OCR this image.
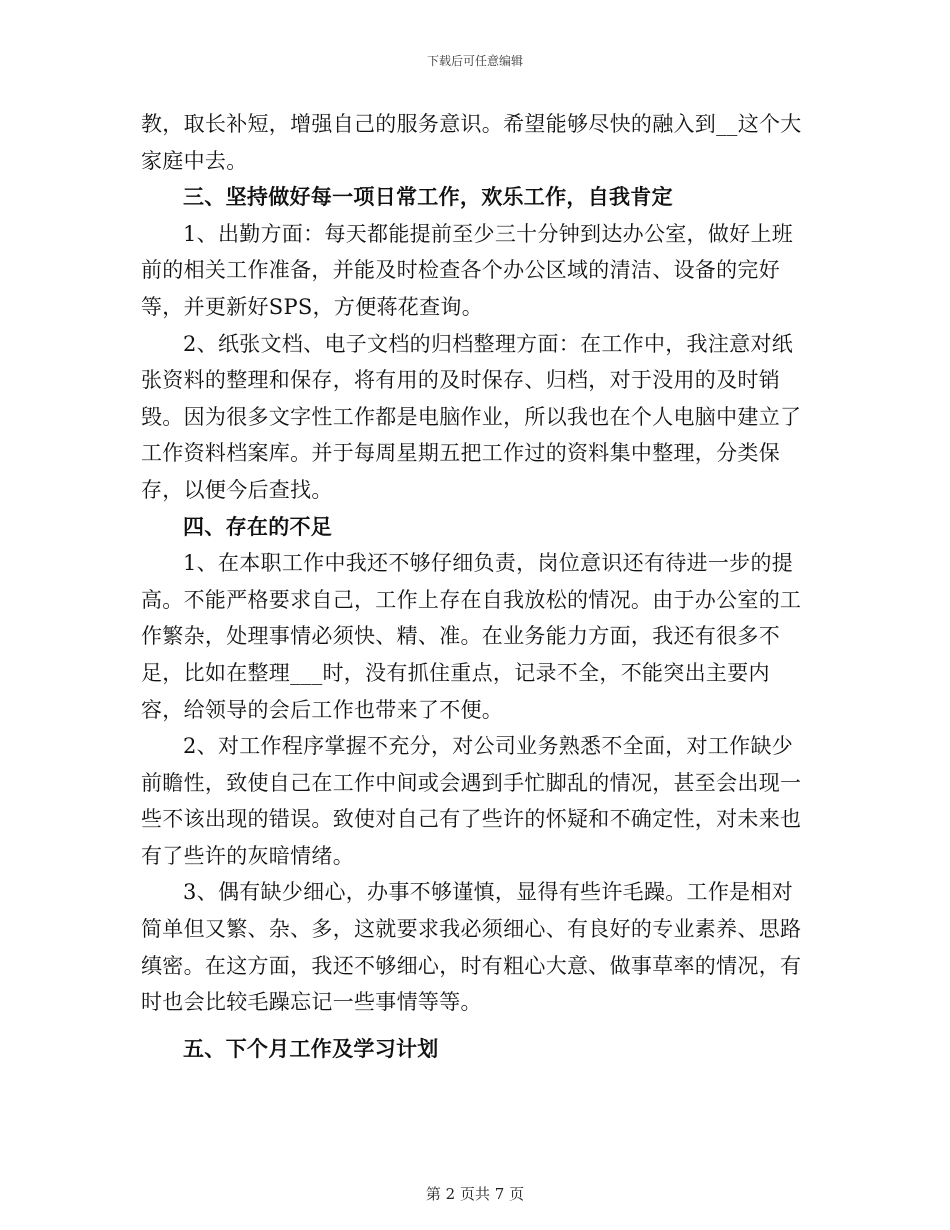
下载后可任意编辑

教，取长补短，增强自己的服务意识。希望能够尽快的融入到__这个大家庭中去。

三、坚持做好每一项日常工作，欢乐工作，自我肯定

1、出勤方面：每天都能提前至少三十分钟到达办公室，做好上班前的相关工作准备，并能及时检查各个办公区域的清洁、设备的完好等，并更新好SPS，方便蒋花查询。

2、纸张文档、电子文档的归档整理方面：在工作中，我注意对纸张资料的整理和保存，将有用的及时保存、归档，对于没用的及时销毁。因为很多文字性工作都是电脑作业，所以我也在个人电脑中建立了工作资料档案库。并于每周星期五把工作过的资料集中整理，分类保存，以便今后查找。

四、存在的不足

1、在本职工作中我还不够仔细负责，岗位意识还有待进一步的提高。不能严格要求自己，工作上存在自我放松的情况。由于办公室的工作繁杂，处理事情必须快、精、准。在业务能力方面，我还有很多不足，比如在整理___时，没有抓住重点，记录不全，不能突出主要内容，给领导的会后工作也带来了不便。

2、对工作程序掌握不充分，对公司业务熟悉不全面，对工作缺少前瞻性，致使自己在工作中间或会遇到手忙脚乱的情况，甚至会出现一些不该出现的错误。致使对自己有了些许的怀疑和不确定性，对未来也有了些许的灰暗情绪。

3、偶有缺少细心，办事不够谨慎，显得有些许毛躁。工作是相对简单但又繁、杂、多，这就要求我必须细心、有良好的专业素养、思路缜密。在这方面，我还不够细心，时有粗心大意、做事草率的情况，有时也会比较毛躁忘记一些事情等等。

五、下个月工作及学习计划

第 2 页共 7 页
